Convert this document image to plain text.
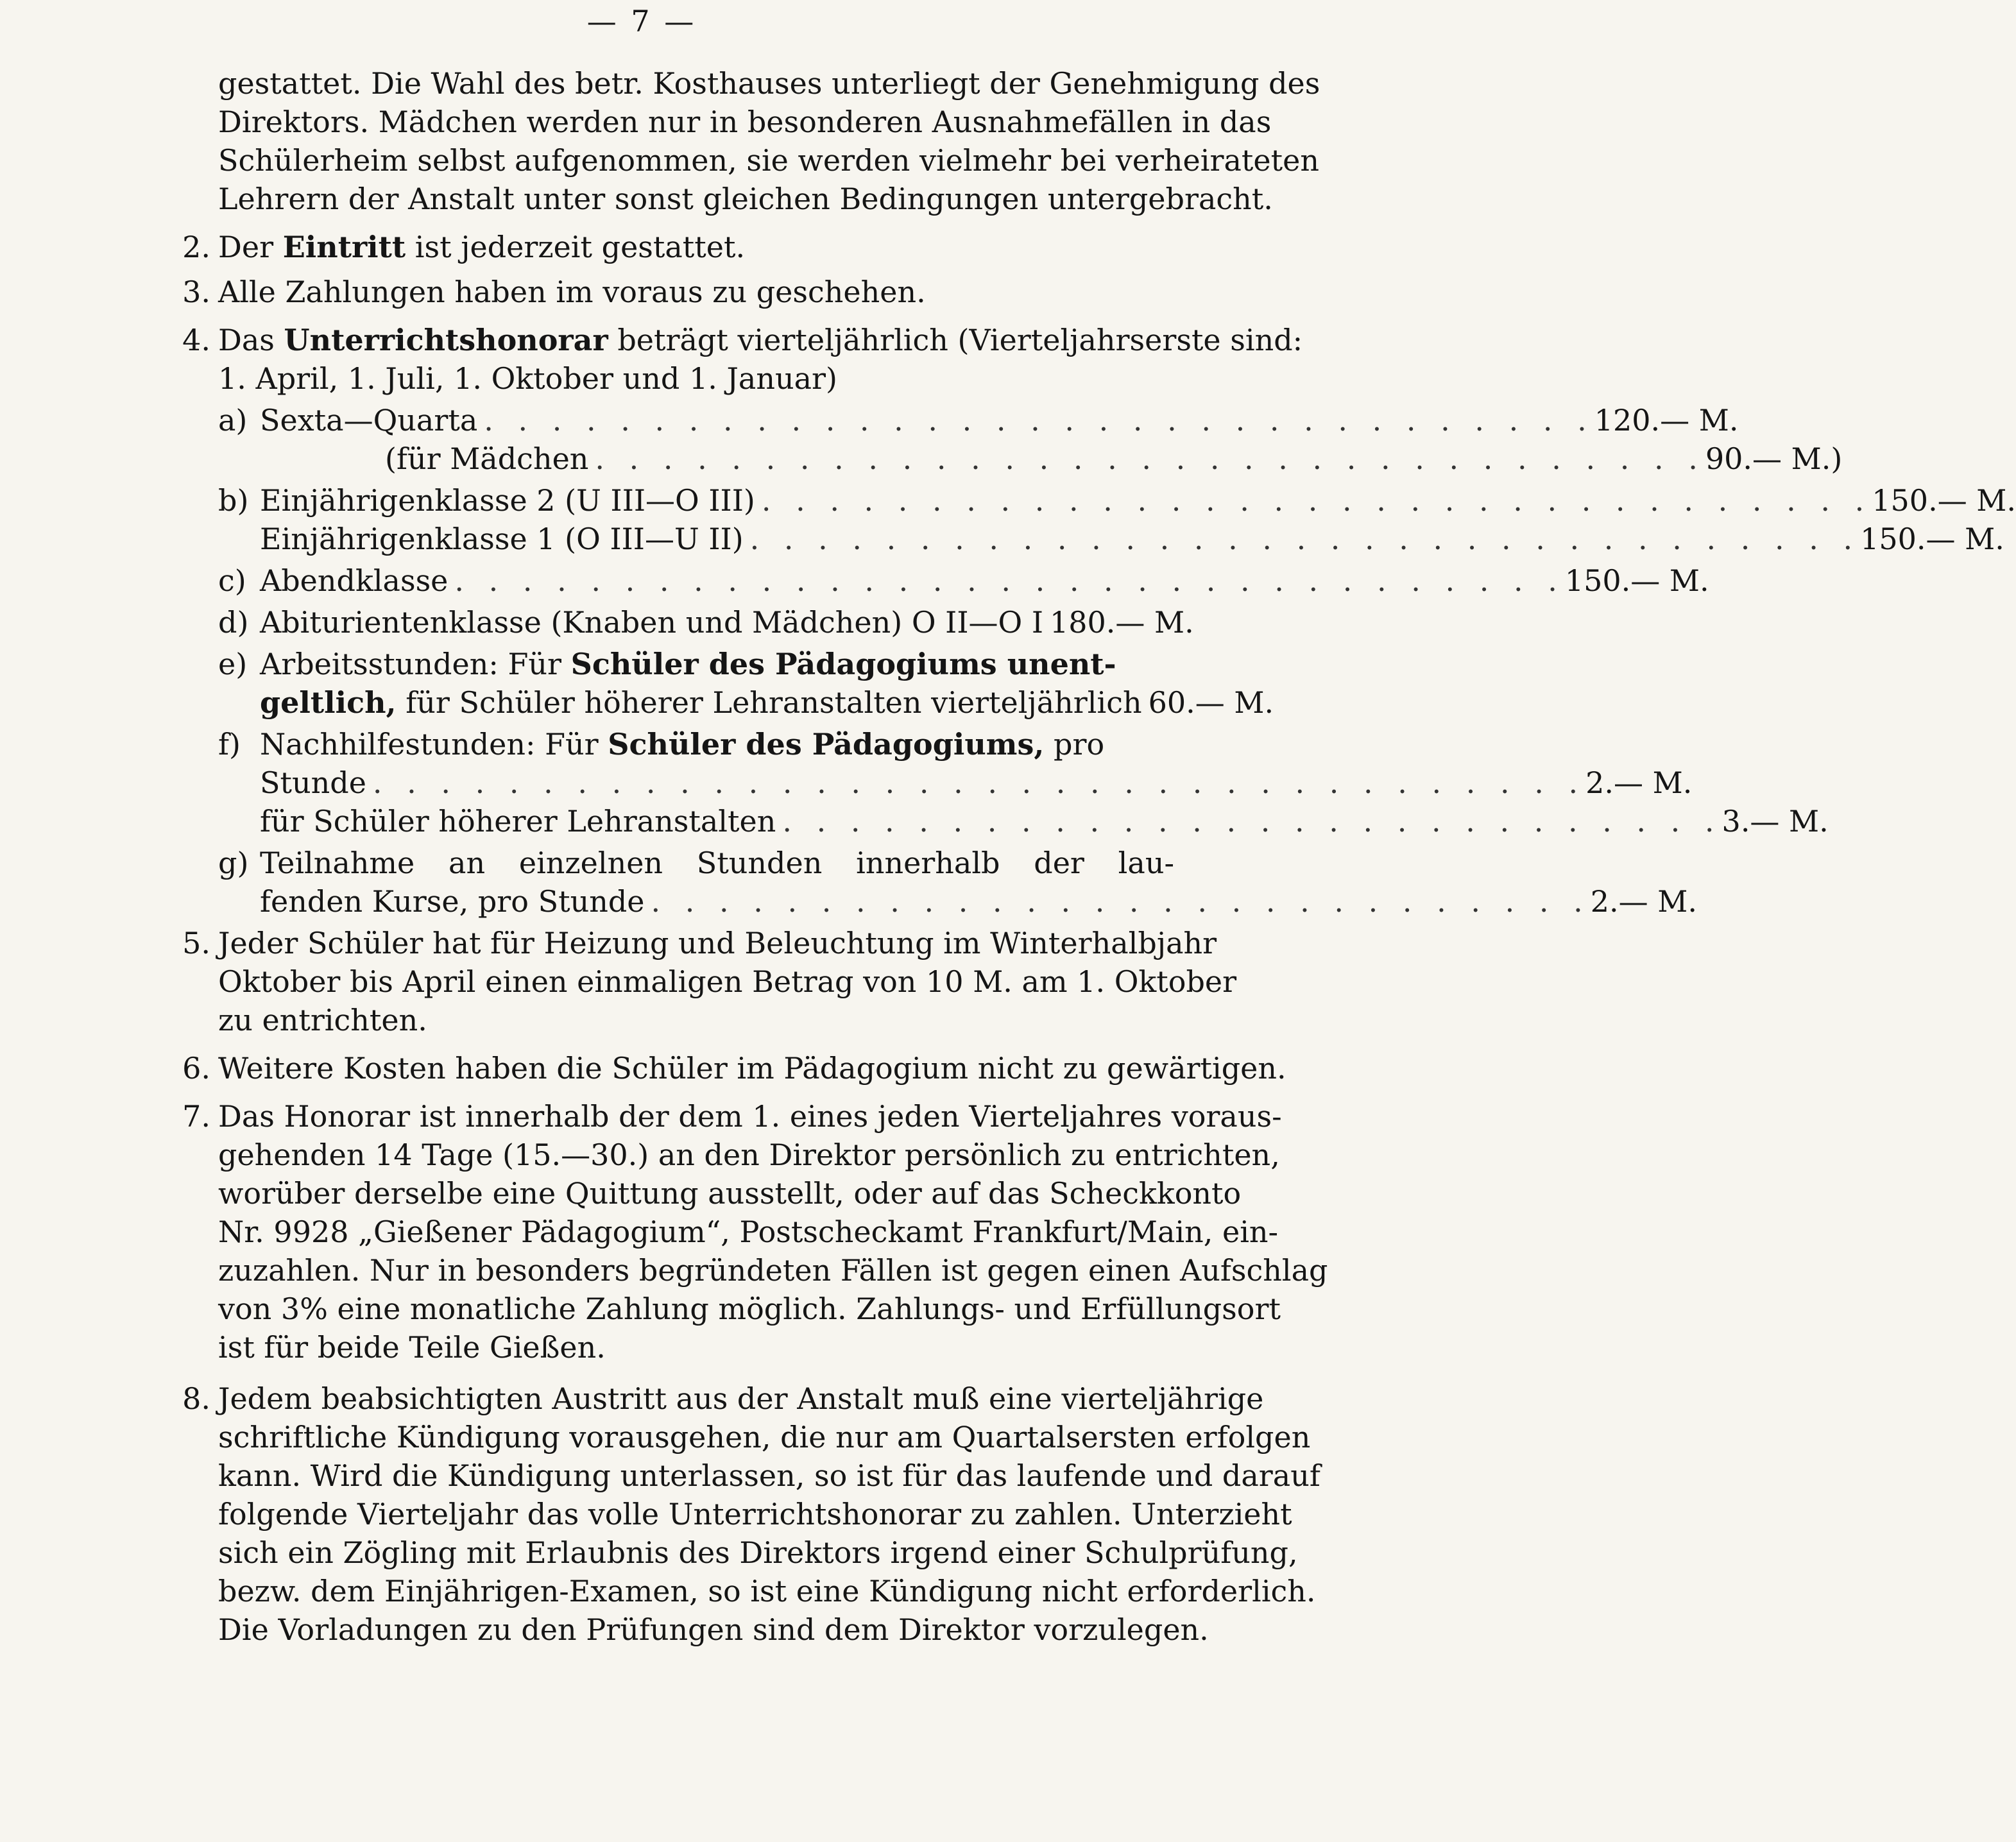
— 7 —
gestattet. Die Wahl des betr. Kosthauses unterliegt der Genehmigung des
Direktors. Mädchen werden nur in besonderen Ausnahmefällen in das
Schülerheim selbst aufgenommen, sie werden vielmehr bei verheirateten
Lehrern der Anstalt unter sonst gleichen Bedingungen untergebracht.
2. Der Eintritt ist jederzeit gestattet.
3. Alle Zahlungen haben im voraus zu geschehen.
4. Das Unterrichtshonorar beträgt vierteljährlich (Vierteljahrserste sind:
1. April, 1. Juli, 1. Oktober und 1. Januar)
a) Sexta—Quarta . . . . . . . . . . . . . . . . . . . . . . . . . . . . . . . . . 120.— M.
(für Mädchen . . . . . . . . . . . . . . . . . . . . . . . . . . . . . . . . . 90.— M.)
b) Einjährigenklasse 2 (U III—O III) . . . . . . . . . . . . . . . . . . . . . . . . . . . . . . . . . 150.— M.
Einjährigenklasse 1 (O III—U II) . . . . . . . . . . . . . . . . . . . . . . . . . . . . . . . . . 150.— M.
c) Abendklasse . . . . . . . . . . . . . . . . . . . . . . . . . . . . . . . . . 150.— M.
d) Abiturientenklasse (Knaben und Mädchen) O II—O I 180.— M.
e) Arbeitsstunden: Für Schüler des Pädagogiums unent-
geltlich, für Schüler höherer Lehranstalten vierteljährlich 60.— M.
f) Nachhilfestunden: Für Schüler des Pädagogiums, pro
Stunde . . . . . . . . . . . . . . . . . . . . . . . . . . . . . . . . . . . . 2.— M.
für Schüler höherer Lehranstalten . . . . . . . . . . . . . . . . . . . . . . . . . . . . 3.— M.
g) Teilnahme an einzelnen Stunden innerhalb der lau-
fenden Kurse, pro Stunde . . . . . . . . . . . . . . . . . . . . . . . . . . . . 2.— M.
5. Jeder Schüler hat für Heizung und Beleuchtung im Winterhalbjahr
Oktober bis April einen einmaligen Betrag von 10 M. am 1. Oktober
zu entrichten.
6. Weitere Kosten haben die Schüler im Pädagogium nicht zu gewärtigen.
7. Das Honorar ist innerhalb der dem 1. eines jeden Vierteljahres voraus-
gehenden 14 Tage (15.—30.) an den Direktor persönlich zu entrichten,
worüber derselbe eine Quittung ausstellt, oder auf das Scheckkonto
Nr. 9928 „Gießener Pädagogium“, Postscheckamt Frankfurt/Main, ein-
zuzahlen. Nur in besonders begründeten Fällen ist gegen einen Aufschlag
von 3% eine monatliche Zahlung möglich. Zahlungs- und Erfüllungsort
ist für beide Teile Gießen.
8. Jedem beabsichtigten Austritt aus der Anstalt muß eine vierteljährige
schriftliche Kündigung vorausgehen, die nur am Quartalsersten erfolgen
kann. Wird die Kündigung unterlassen, so ist für das laufende und darauf
folgende Vierteljahr das volle Unterrichtshonorar zu zahlen. Unterzieht
sich ein Zögling mit Erlaubnis des Direktors irgend einer Schulprüfung,
bezw. dem Einjährigen-Examen, so ist eine Kündigung nicht erforderlich.
Die Vorladungen zu den Prüfungen sind dem Direktor vorzulegen.
